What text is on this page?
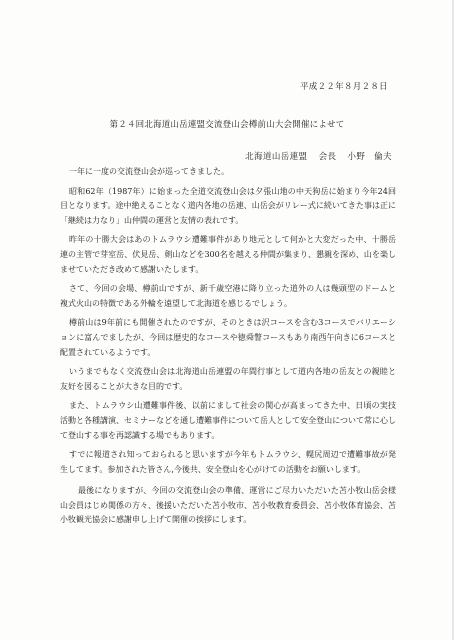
平成２２年８月２８日
第２４回北海道山岳連盟交流登山会樽前山大会開催によせて
北海道山岳連盟 会長 小野　倫夫

一年に一度の交流登山会が巡ってきました。

昭和62年（1987年）に始まった全道交流登山会は夕張山地の中天狗岳に始まり今年24回目となります。途中絶えることなく道内各地の岳連、山岳会がリレー式に続いてきた事は正に「継続は力なり」山仲間の運営と友情の表れです。

昨年の十勝大会はあのトムラウシ遭難事件があり地元として何かと大変だった中、十勝岳連の主管で芽室岳、伏見岳、剣山などを300名を越える仲間が集まり、懇親を深め、山を楽しませていただき改めて感謝いたします。

さて、今回の会場、樽前山ですが、新千歳空港に降り立った道外の人は幾頭型のドームと複式火山の特徴である外輪を遠望して北海道を感じるでしょう。

樽前山は9年前にも開催されたのですが、そのときは沢コースを含む3コースでバリエーションに富んでましたが、今回は歴史的なコースや徳舜瞥コースもあり南西午向きに6コースと配置されているようです。

いうまでもなく交流登山会は北海道山岳連盟の年間行事として道内各地の岳友との親睦と友好を図ることが大きな目的です。

また、トムラウシ山遭難事件後、以前にまして社会の関心が高まってきた中、日頃の実技活動と各種講演、セミナーなどを通し遭難事件について岳人として安全登山について常に心して登山する事を再認識する場でもあります。

すでに報道され知っておられると思いますが今年もトムラウシ、幌尻周辺で遭難事故が発生してます。参加された皆さん,今後共、安全登山を心がけての活動をお願いします。

最後になりますが、今回の交流登山会の準備、運営にご尽力いただいた苫小牧山岳会様山会員はじめ関係の方々、後援いただいた苫小牧市、苫小牧教育委員会、苫小牧体育協会、苫小牧観光協会に感謝申し上げて開催の挨拶にします。
